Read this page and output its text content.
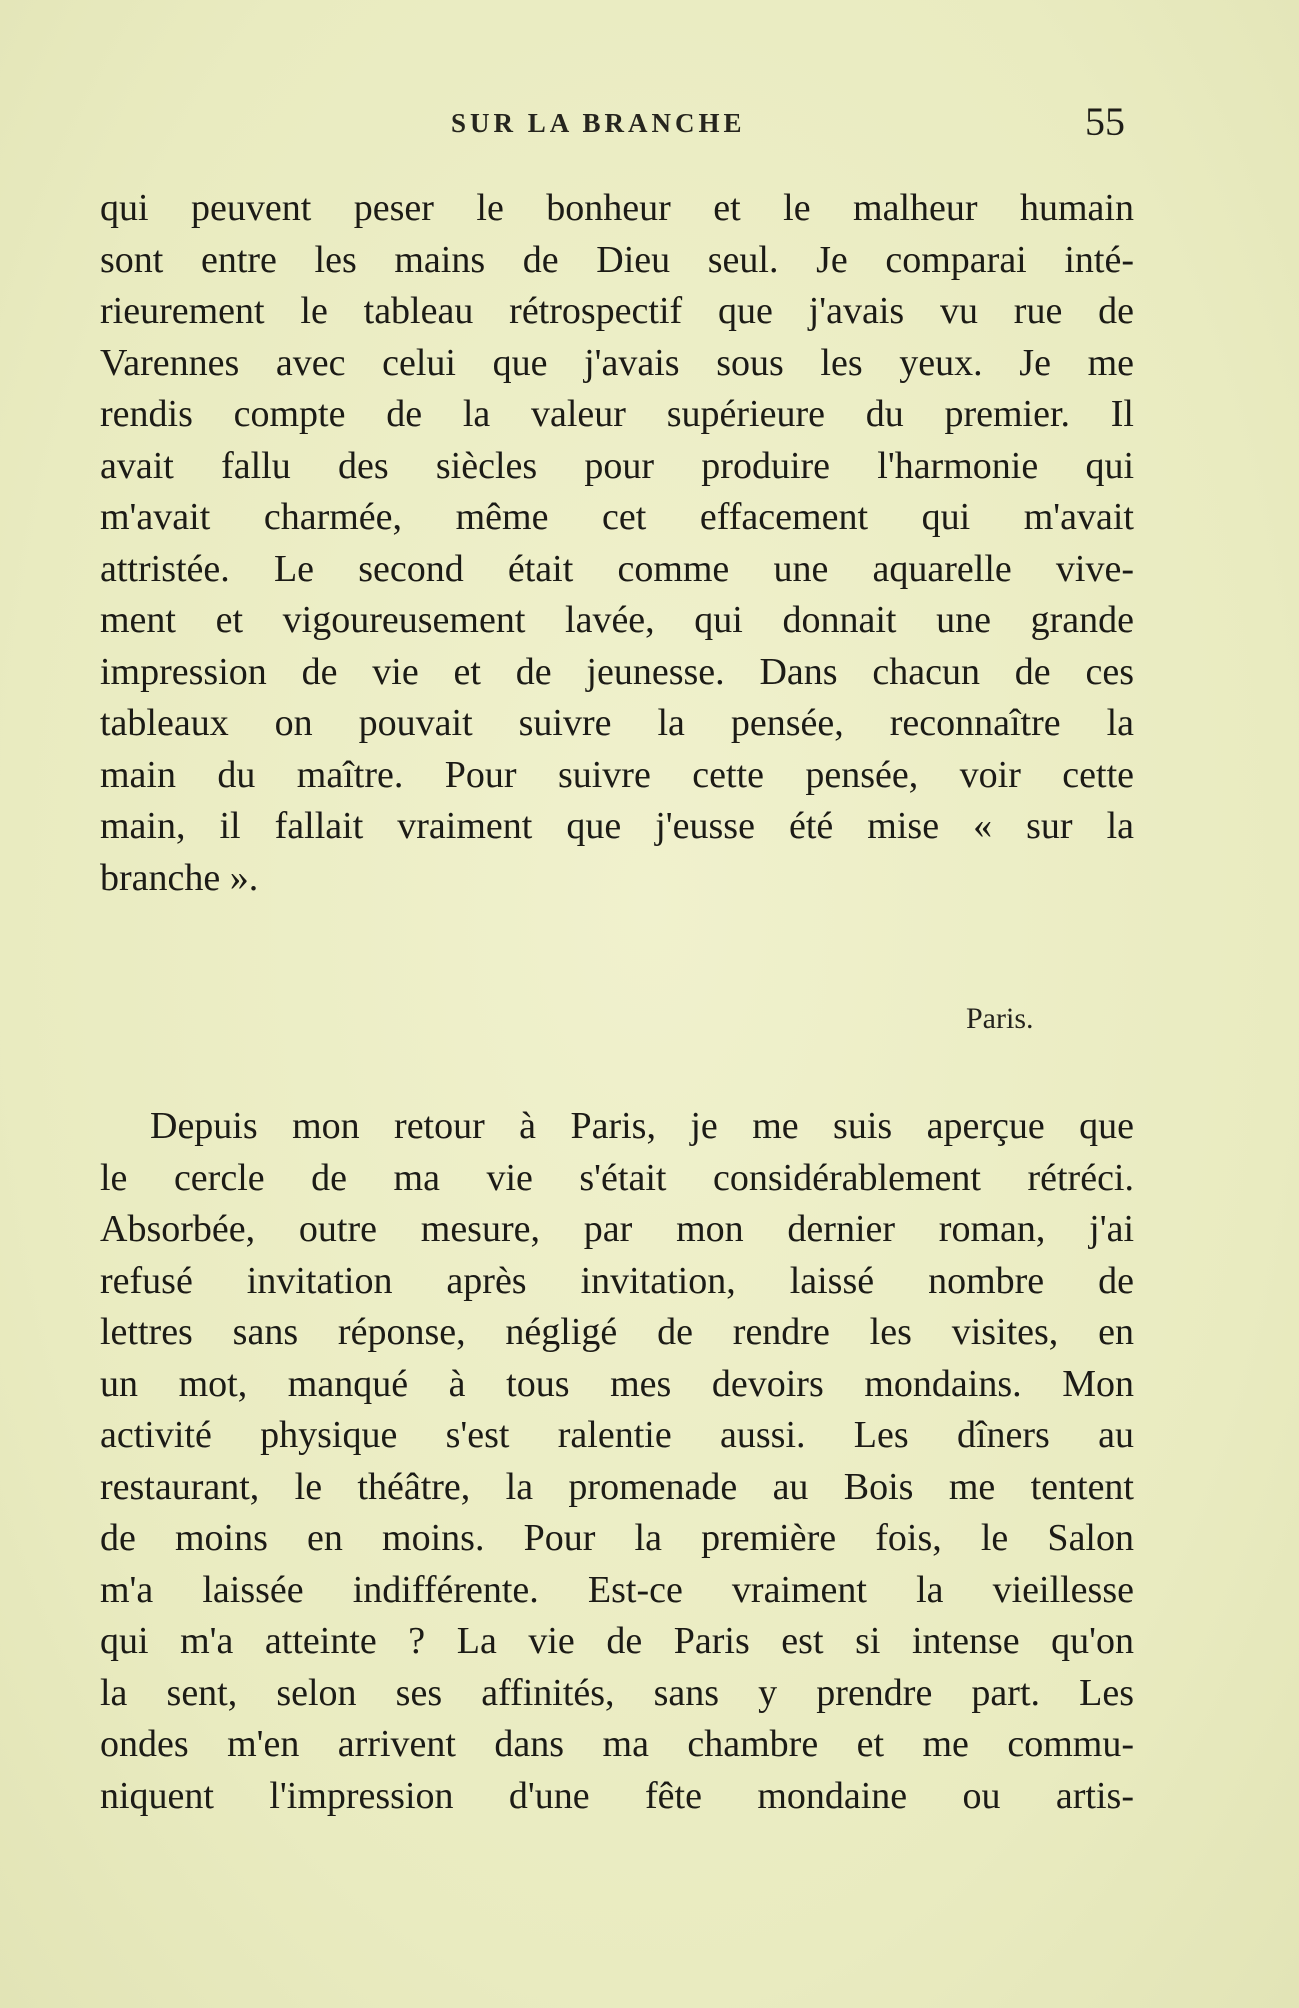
SUR LA BRANCHE	55
qui peuvent peser le bonheur et le malheur humain
sont entre les mains de Dieu seul. Je comparai inté-
rieurement le tableau rétrospectif que j'avais vu rue de
Varennes avec celui que j'avais sous les yeux. Je me
rendis compte de la valeur supérieure du premier. Il
avait fallu des siècles pour produire l'harmonie qui
m'avait charmée, même cet effacement qui m'avait
attristée. Le second était comme une aquarelle vive-
ment et vigoureusement lavée, qui donnait une grande
impression de vie et de jeunesse. Dans chacun de ces
tableaux on pouvait suivre la pensée, reconnaître la
main du maître. Pour suivre cette pensée, voir cette
main, il fallait vraiment que j'eusse été mise « sur la
branche ».
Paris.
Depuis mon retour à Paris, je me suis aperçue que
le cercle de ma vie s'était considérablement rétréci.
Absorbée, outre mesure, par mon dernier roman, j'ai
refusé invitation après invitation, laissé nombre de
lettres sans réponse, négligé de rendre les visites, en
un mot, manqué à tous mes devoirs mondains. Mon
activité physique s'est ralentie aussi. Les dîners au
restaurant, le théâtre, la promenade au Bois me tentent
de moins en moins. Pour la première fois, le Salon
m'a laissée indifférente. Est-ce vraiment la vieillesse
qui m'a atteinte ? La vie de Paris est si intense qu'on
la sent, selon ses affinités, sans y prendre part. Les
ondes m'en arrivent dans ma chambre et me commu-
niquent l'impression d'une fête mondaine ou artis-
